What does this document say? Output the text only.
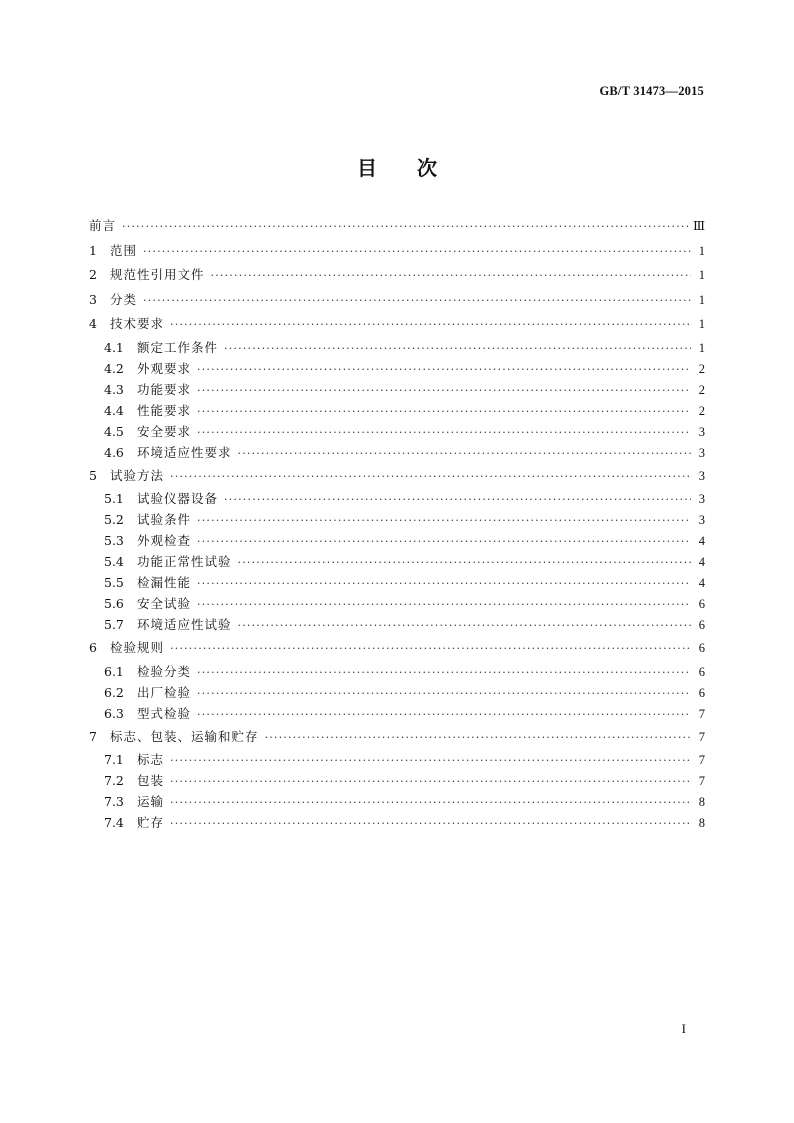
GB/T 31473—2015
目次
前言 ·····	Ⅲ
1	范围 ·····	1
2	规范性引用文件 ·····	1
3	分类 ·····	1
4	技术要求 ·····	1
4.1	额定工作条件 ·····	1
4.2	外观要求 ·····	2
4.3	功能要求 ·····	2
4.4	性能要求 ·····	2
4.5	安全要求 ·····	3
4.6	环境适应性要求 ·····	3
5	试验方法 ·····	3
5.1	试验仪器设备 ·····	3
5.2	试验条件 ·····	3
5.3	外观检查 ·····	4
5.4	功能正常性试验 ·····	4
5.5	检漏性能 ·····	4
5.6	安全试验 ·····	6
5.7	环境适应性试验 ·····	6
6	检验规则 ·····	6
6.1	检验分类 ·····	6
6.2	出厂检验 ·····	6
6.3	型式检验 ·····	7
7	标志、包装、运输和贮存 ·····	7
7.1	标志 ·····	7
7.2	包装 ·····	7
7.3	运输 ·····	8
7.4	贮存 ·····	8
I
